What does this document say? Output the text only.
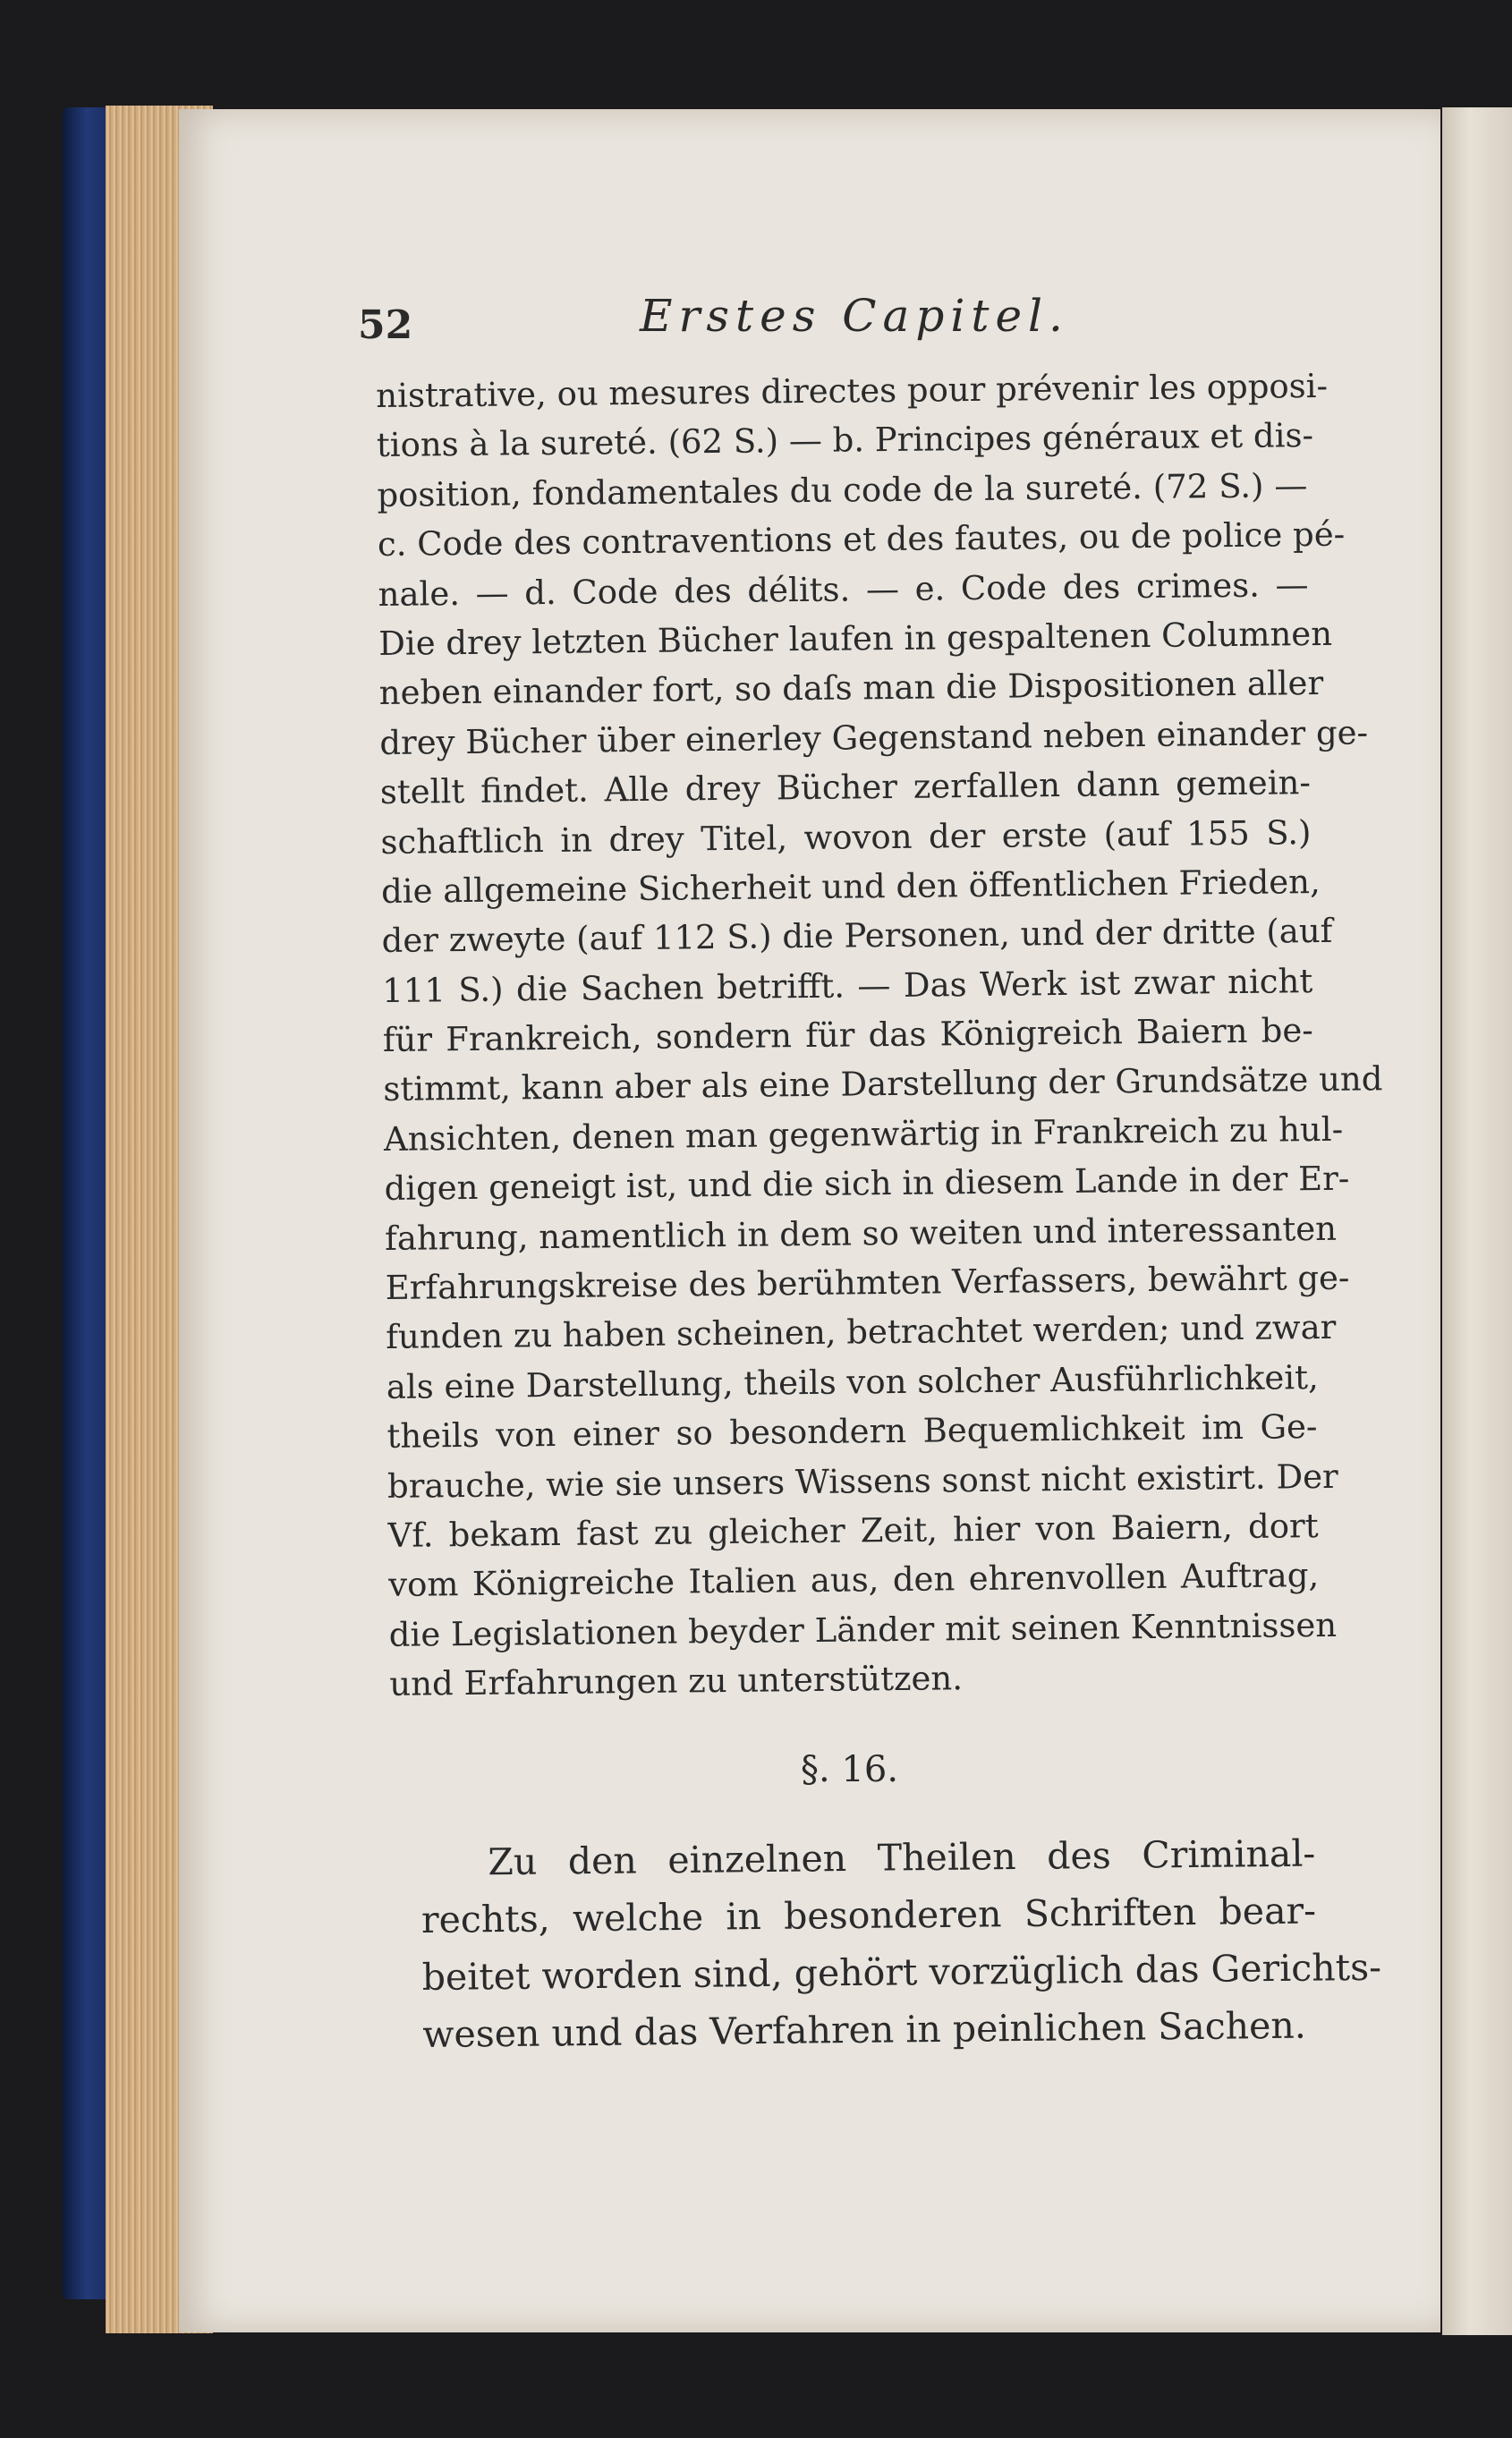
52	Erstes Capitel.
nistrative, ou mesures directes pour prévenir les opposi-
tions à la sureté. (62 S.) — b. Principes généraux et dis-
position, fondamentales du code de la sureté. (72 S.) —
c. Code des contraventions et des fautes, ou de police pé-
nale. — d. Code des délits. — e. Code des crimes. —
Die drey letzten Bücher laufen in gespaltenen Columnen
neben einander fort, so daſs man die Dispositionen aller
drey Bücher über einerley Gegenstand neben einander ge-
stellt findet. Alle drey Bücher zerfallen dann gemein-
schaftlich in drey Titel, wovon der erste (auf 155 S.)
die allgemeine Sicherheit und den öffentlichen Frieden,
der zweyte (auf 112 S.) die Personen, und der dritte (auf
111 S.) die Sachen betrifft. — Das Werk ist zwar nicht
für Frankreich, sondern für das Königreich Baiern be-
stimmt, kann aber als eine Darstellung der Grundsätze und
Ansichten, denen man gegenwärtig in Frankreich zu hul-
digen geneigt ist, und die sich in diesem Lande in der Er-
fahrung, namentlich in dem so weiten und interessanten
Erfahrungskreise des berühmten Verfassers, bewährt ge-
funden zu haben scheinen, betrachtet werden; und zwar
als eine Darstellung, theils von solcher Ausführlichkeit,
theils von einer so besondern Bequemlichkeit im Ge-
brauche, wie sie unsers Wissens sonst nicht existirt. Der
Vf. bekam fast zu gleicher Zeit, hier von Baiern, dort
vom Königreiche Italien aus, den ehrenvollen Auftrag,
die Legislationen beyder Länder mit seinen Kenntnissen
und Erfahrungen zu unterstützen.
§. 16.
Zu den einzelnen Theilen des Criminal-
rechts, welche in besonderen Schriften bear-
beitet worden sind, gehört vorzüglich das Gerichts-
wesen und das Verfahren in peinlichen Sachen.
